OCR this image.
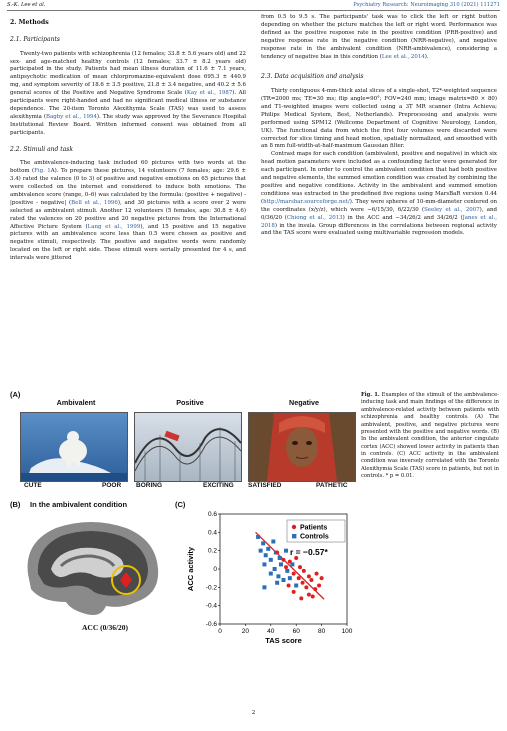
S.-K. Lee et al.	Psychiatry Research: Neuroimaging 310 (2021) 111271
2. Methods
2.1. Participants

Twenty-two patients with schizophrenia (12 females; 33.8 ± 5.6 years old) and 22 sex- and age-matched healthy controls (12 females; 33.7 ± 8.2 years old) participated in the study. Patients had mean illness duration of 11.6 ± 7.1 years, antipsychotic medication of mean chlorpromazine-equivalent dose 695.3 ± 440.9 mg, and symptom severity of 18.6 ± 3.5 positive, 21.8 ± 3.4 negative, and 40.2 ± 5.6 general scores of the Positive and Negative Syndrome Scale (Kay et al., 1987). All participants were right-handed and had no significant medical illness or substance dependence. The 20-item Toronto Alexithymia Scale (TAS) was used to assess alexithymia (Bagby et al., 1994). The study was approved by the Severance Hospital Institutional Review Board. Written informed consent was obtained from all participants.

2.2. Stimuli and task

The ambivalence-inducing task included 60 pictures with two words at the bottom (Fig. 1A). To prepare these pictures, 14 volunteers (7 females; age: 29.6 ± 3.4) rated the valence (0 to 3) of positive and negative emotions on 65 pictures that were collected on the internet and considered to induce both emotions. The ambivalence score (range, 0–6) was calculated by the formula: (positive + negative) - |positive - negative| (Bell et al., 1996), and 30 pictures with a score over 2 were selected as ambivalent stimuli. Another 12 volunteers (5 females, age: 30.8 ± 4.6) rated the valences on 20 positive and 20 negative pictures from the International Affective Picture System (Lang et al., 1999), and 15 positive and 15 negative pictures with an ambivalence score less than 0.5 were chosen as positive and negative stimuli, respectively. The positive and negative words were randomly located on the left or right side. These stimuli were serially presented for 4 s, and intervals were jittered

from 0.5 to 9.5 s. The participants' task was to click the left or right button depending on whether the picture matches the left or right word. Performance was defined as the positive response rate in the positive condition (PRR-positive) and negative response rate in the negative condition (NRR-negative), and negative response rate in the ambivalent condition (NRR-ambivalence), considering a tendency of negative bias in this condition (Lee et al., 2014).

2.3. Data acquisition and analysis

Thirty contiguous 4-mm-thick axial slices of a single-shot, T2*-weighted sequence (TR=2000 ms; TE=30 ms; flip angle=90°; FOV=240 mm; image matrix=80 × 80) and T1-weighted images were collected using a 3T MR scanner (Intra Achieva; Philips Medical System, Best, Netherlands). Preprocessing and analysis were performed using SPM12 (Wellcome Department of Cognitive Neurology, London, UK). The functional data from which the first four volumes were discarded were corrected for slice timing and head motion, spatially normalized, and smoothed with an 8 mm full-width-at-half-maximum Gaussian filter.

Contrast maps for each condition (ambivalent, positive and negative) in which six head motion parameters were included as a confounding factor were generated for each participant. In order to control the ambivalent condition that had both positive and negative elements, the summed emotion condition was created by combining the positive and negative conditions. Activity in the ambivalent and summed emotion conditions was extracted in the predefined five regions using MarsBaR version 0.44 (http://marsbar.sourceforge.net/). They were spheres of 10-mm-diameter centered on the coordinates (x/y/z), which were −6/15/30, 6/22/30 (Seeley et al., 2007), and 0/36/20 (Chiong et al., 2013) in the ACC and −34/26/2 and 34/26/2 (Janes et al., 2018) in the insula. Group differences in the correlations between regional activity and the TAS score were evaluated using multivariable regression models.

(A)
Ambivalent	Positive	Negative
CUTE	POOR BORING	EXCITING SATISFIED	PATHETIC
Fig. 1. Examples of the stimuli of the ambivalence-inducing task and main findings of the difference in ambivalence-related activity between patients with schizophrenia and healthy controls. (A) The ambivalent, positive, and negative pictures were presented with the positive and negative words. (B) In the ambivalent condition, the anterior cingulate cortex (ACC) showed lower activity in patients than in controls. (C) ACC activity in the ambivalent condition was inversely correlated with the Toronto Alexithymia Scale (TAS) score in patients, but not in controls. * p = 0.01.
(B) In the ambivalent condition
ACC (0/36/20)
(C)
0	20	40	60	80	100
0.6
0.4
0.2
0
-0.2
-0.4
-0.6
TAS score
ACC activity
Patients
Controls
r = −0.57*
2
